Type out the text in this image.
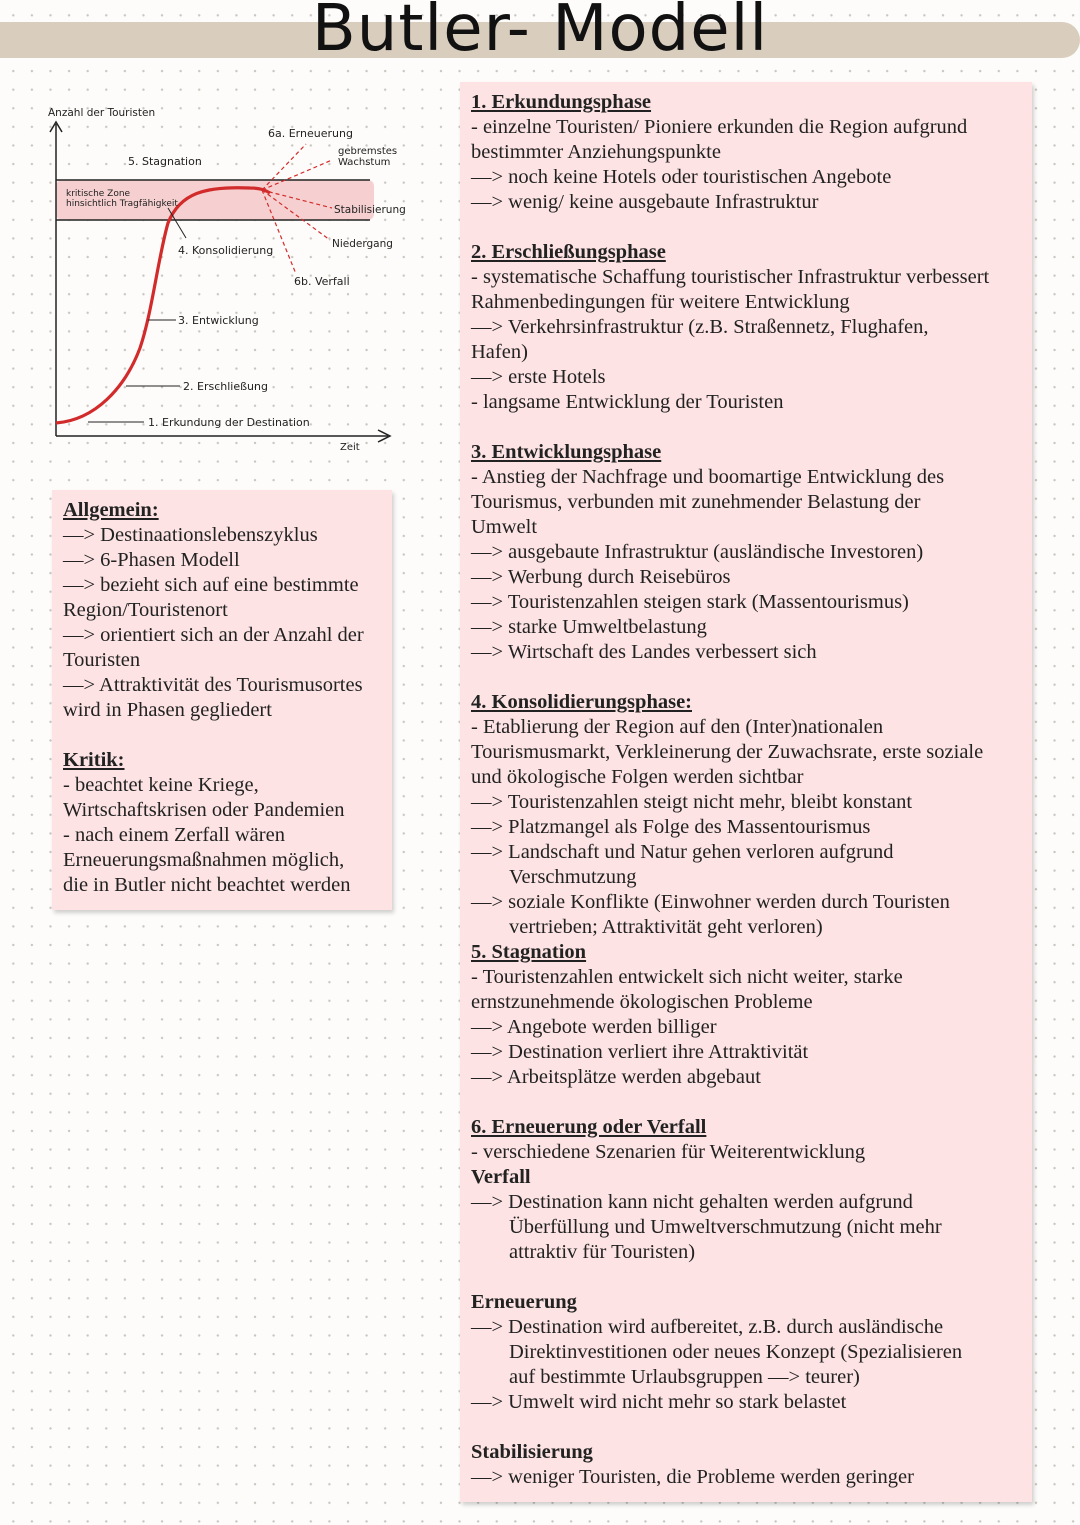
Butler- Modell
Anzahl der Touristen
Zeit
kritische Zone
hinsichtlich Tragfähigkeit
1. Erkundung der Destination
2. Erschließung
3. Entwicklung
4. Konsolidierung
5. Stagnation
6a. Erneuerung
6b. Verfall
gebremstes
Wachstum
Stabilisierung
Niedergang
Allgemein:
—> Destinaationslebenszyklus
—> 6-Phasen Modell
—> bezieht sich auf eine bestimmte
Region/Touristenort
—> orientiert sich an der Anzahl der
Touristen
—> Attraktivität des Tourismusortes
wird in Phasen gegliedert
Kritik:
- beachtet keine Kriege,
Wirtschaftskrisen oder Pandemien
- nach einem Zerfall wären
Erneuerungsmaßnahmen möglich,
die in Butler nicht beachtet werden
1. Erkundungsphase
- einzelne Touristen/ Pioniere erkunden die Region aufgrund
bestimmter Anziehungspunkte
—> noch keine Hotels oder touristischen Angebote
—> wenig/ keine ausgebaute Infrastruktur
2. Erschließungsphase
- systematische Schaffung touristischer Infrastruktur verbessert
Rahmenbedingungen für weitere Entwicklung
—> Verkehrsinfrastruktur (z.B. Straßennetz, Flughafen,
Hafen)
—> erste Hotels
- langsame Entwicklung der Touristen
3. Entwicklungsphase
- Anstieg der Nachfrage und boomartige Entwicklung des
Tourismus, verbunden mit zunehmender Belastung der
Umwelt
—> ausgebaute Infrastruktur (ausländische Investoren)
—> Werbung durch Reisebüros
—> Touristenzahlen steigen stark (Massentourismus)
—> starke Umweltbelastung
—> Wirtschaft des Landes verbessert sich
4. Konsolidierungsphase:
- Etablierung der Region auf den (Inter)nationalen
Tourismusmarkt, Verkleinerung der Zuwachsrate, erste soziale
und ökologische Folgen werden sichtbar
—> Touristenzahlen steigt nicht mehr, bleibt konstant
—> Platzmangel als Folge des Massentourismus
—> Landschaft und Natur gehen verloren aufgrund
Verschmutzung
—> soziale Konflikte (Einwohner werden durch Touristen
vertrieben; Attraktivität geht verloren)
5. Stagnation
- Touristenzahlen entwickelt sich nicht weiter, starke
ernstzunehmende ökologischen Probleme
—> Angebote werden billiger
—> Destination verliert ihre Attraktivität
—> Arbeitsplätze werden abgebaut
6. Erneuerung oder Verfall
- verschiedene Szenarien für Weiterentwicklung
Verfall
—> Destination kann nicht gehalten werden aufgrund
Überfüllung und Umweltverschmutzung (nicht mehr
attraktiv für Touristen)
Erneuerung
—> Destination wird aufbereitet, z.B. durch ausländische
Direktinvestitionen oder neues Konzept (Spezialisieren
auf bestimmte Urlaubsgruppen —> teurer)
—> Umwelt wird nicht mehr so stark belastet
Stabilisierung
—> weniger Touristen, die Probleme werden geringer
